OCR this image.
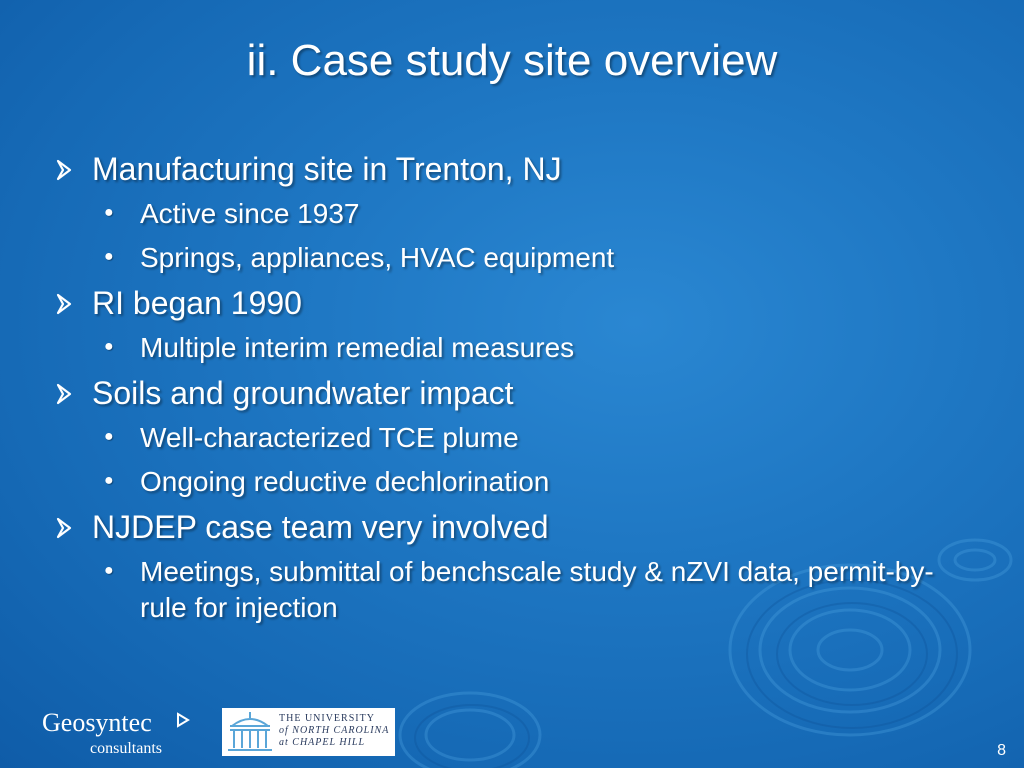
ii. Case study site overview
Manufacturing site in Trenton, NJ
● Active since 1937
● Springs, appliances, HVAC equipment
RI began 1990
● Multiple interim remedial measures
Soils and groundwater impact
● Well-characterized TCE plume
● Ongoing reductive dechlorination
NJDEP case team very involved
● Meetings, submittal of benchscale study & nZVI data, permit-by-rule for injection
Geosyntec
consultants
THE UNIVERSITY
of NORTH CAROLINA
at CHAPEL HILL	8
